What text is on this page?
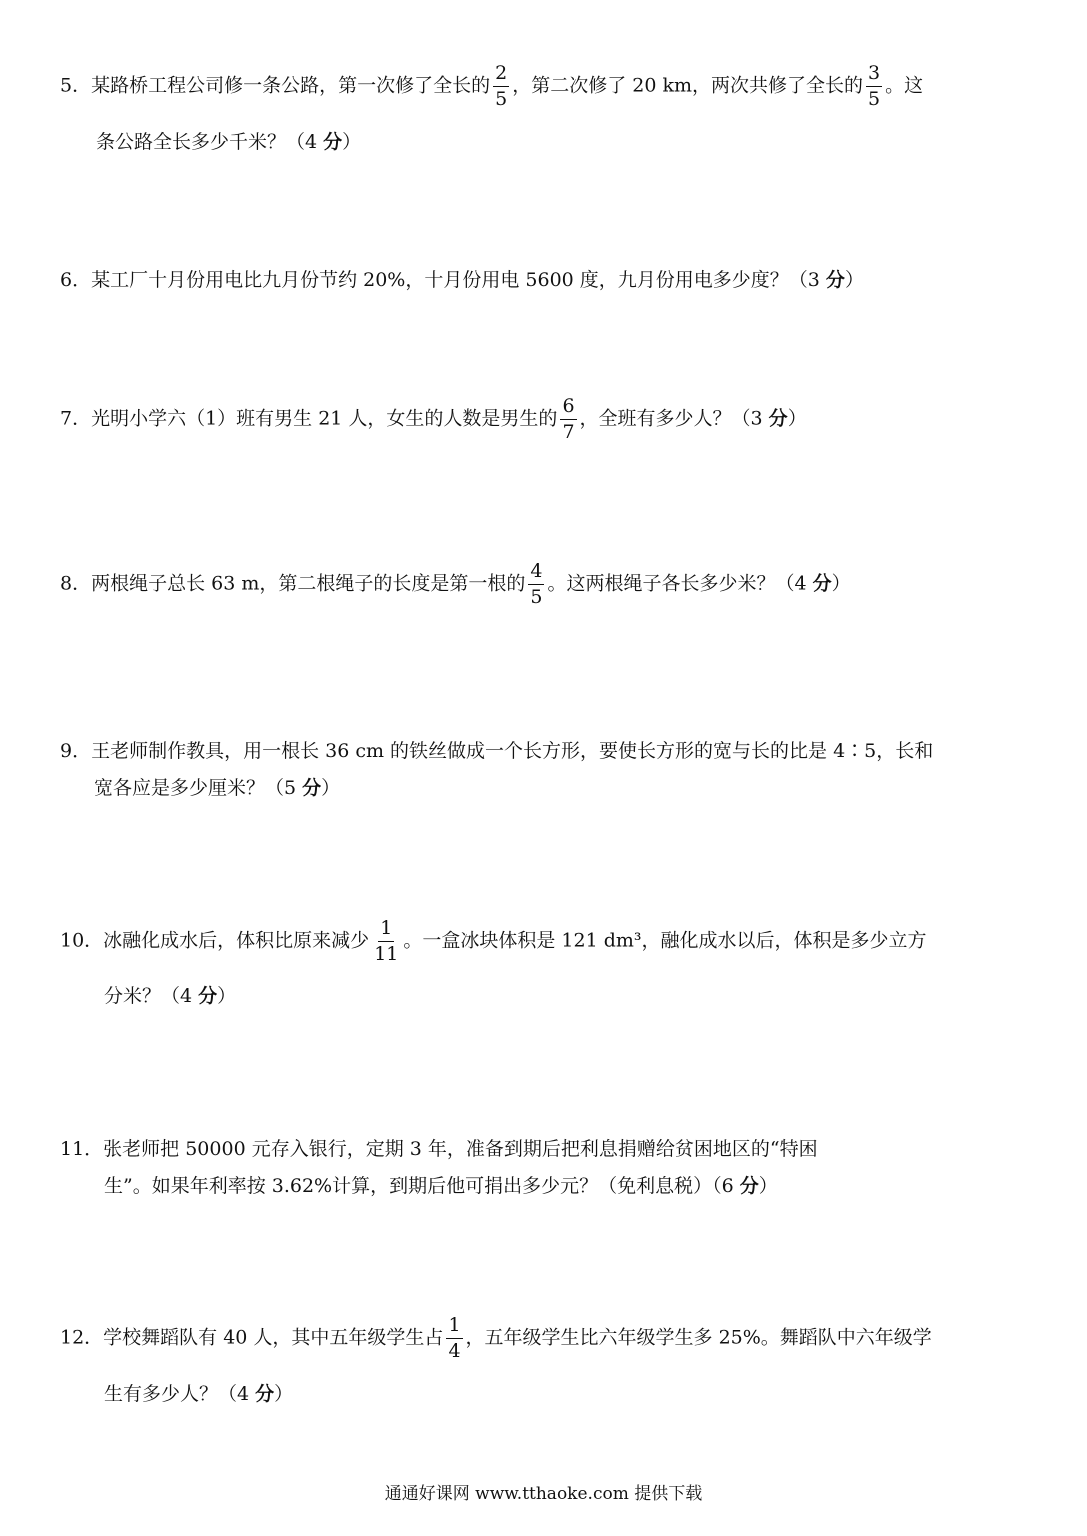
5．某路桥工程公司修一条公路，第一次修了全长的 $\frac{2}{5}$ ，第二次修了 20 km，两次共修了全长的 $\frac{3}{5}$ 。这
条公路全长多少千米？（4 分）
6．某工厂十月份用电比九月份节约 20%，十月份用电 5600 度，九月份用电多少度？（3 分）
7．光明小学六（1）班有男生 21 人，女生的人数是男生的 $\frac{6}{7}$ ，全班有多少人？（3 分）
8．两根绳子总长 63 m，第二根绳子的长度是第一根的 $\frac{4}{5}$ 。这两根绳子各长多少米？（4 分）
9．王老师制作教具，用一根长 36 cm 的铁丝做成一个长方形，要使长方形的宽与长的比是 4∶5，长和
宽各应是多少厘米？（5 分）
10．冰融化成水后，体积比原来减少 $\frac{1}{11}$ 。一盒冰块体积是 121 dm³，融化成水以后，体积是多少立方
分米？（4 分）
11．张老师把 50000 元存入银行，定期 3 年，准备到期后把利息捐赠给贫困地区的“特困
生”。如果年利率按 3.62%计算，到期后他可捐出多少元？（免利息税）（6 分）
12．学校舞蹈队有 40 人，其中五年级学生占 $\frac{1}{4}$ ，五年级学生比六年级学生多 25%。舞蹈队中六年级学
生有多少人？（4 分）
通通好课网 www.tthaoke.com 提供下载
